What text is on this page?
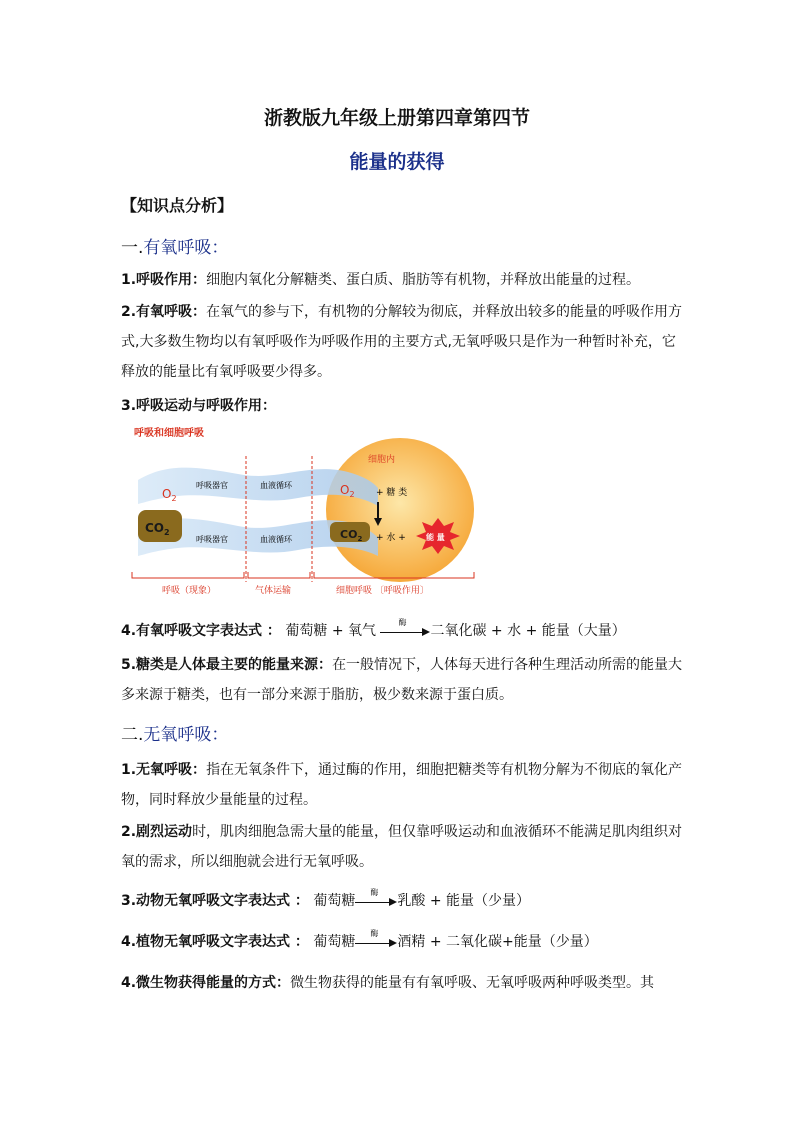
浙教版九年级上册第四章第四节
能量的获得
【知识点分析】
一.有氧呼吸：
1.呼吸作用：细胞内氧化分解糖类、蛋白质、脂肪等有机物，并释放出能量的过程。
2.有氧呼吸：在氧气的参与下，有机物的分解较为彻底，并释放出较多的能量的呼吸作用方式,大多数生物均以有氧呼吸作为呼吸作用的主要方式,无氧呼吸只是作为一种暂时补充，它释放的能量比有氧呼吸要少得多。
3.呼吸运动与呼吸作用：
呼吸和细胞呼吸
$O_2$
$CO_2$
呼吸器官
呼吸器官
血液循环
血液循环
细胞内
$O_2$ + 糖 类
$CO_2$ + 水 +	能 量
呼吸（现象）	气体运输	细胞呼吸 〔呼吸作用〕
4.有氧呼吸文字表达式 ： 葡萄糖 + 氧气
酶
二氧化碳 + 水 + 能量（大量）
5.糖类是人体最主要的能量来源：在一般情况下，人体每天进行各种生理活动所需的能量大多来源于糖类，也有一部分来源于脂肪，极少数来源于蛋白质。
二.无氧呼吸：
1.无氧呼吸：指在无氧条件下，通过酶的作用，细胞把糖类等有机物分解为不彻底的氧化产物，同时释放少量能量的过程。
2.剧烈运动时，肌肉细胞急需大量的能量，但仅靠呼吸运动和血液循环不能满足肌肉组织对氧的需求，所以细胞就会进行无氧呼吸。
3.动物无氧呼吸文字表达式 ： 葡萄糖
酶
乳酸 + 能量（少量）
4.植物无氧呼吸文字表达式 ： 葡萄糖
酶
酒精 + 二氧化碳+能量（少量）
4.微生物获得能量的方式：微生物获得的能量有有氧呼吸、无氧呼吸两种呼吸类型。其
